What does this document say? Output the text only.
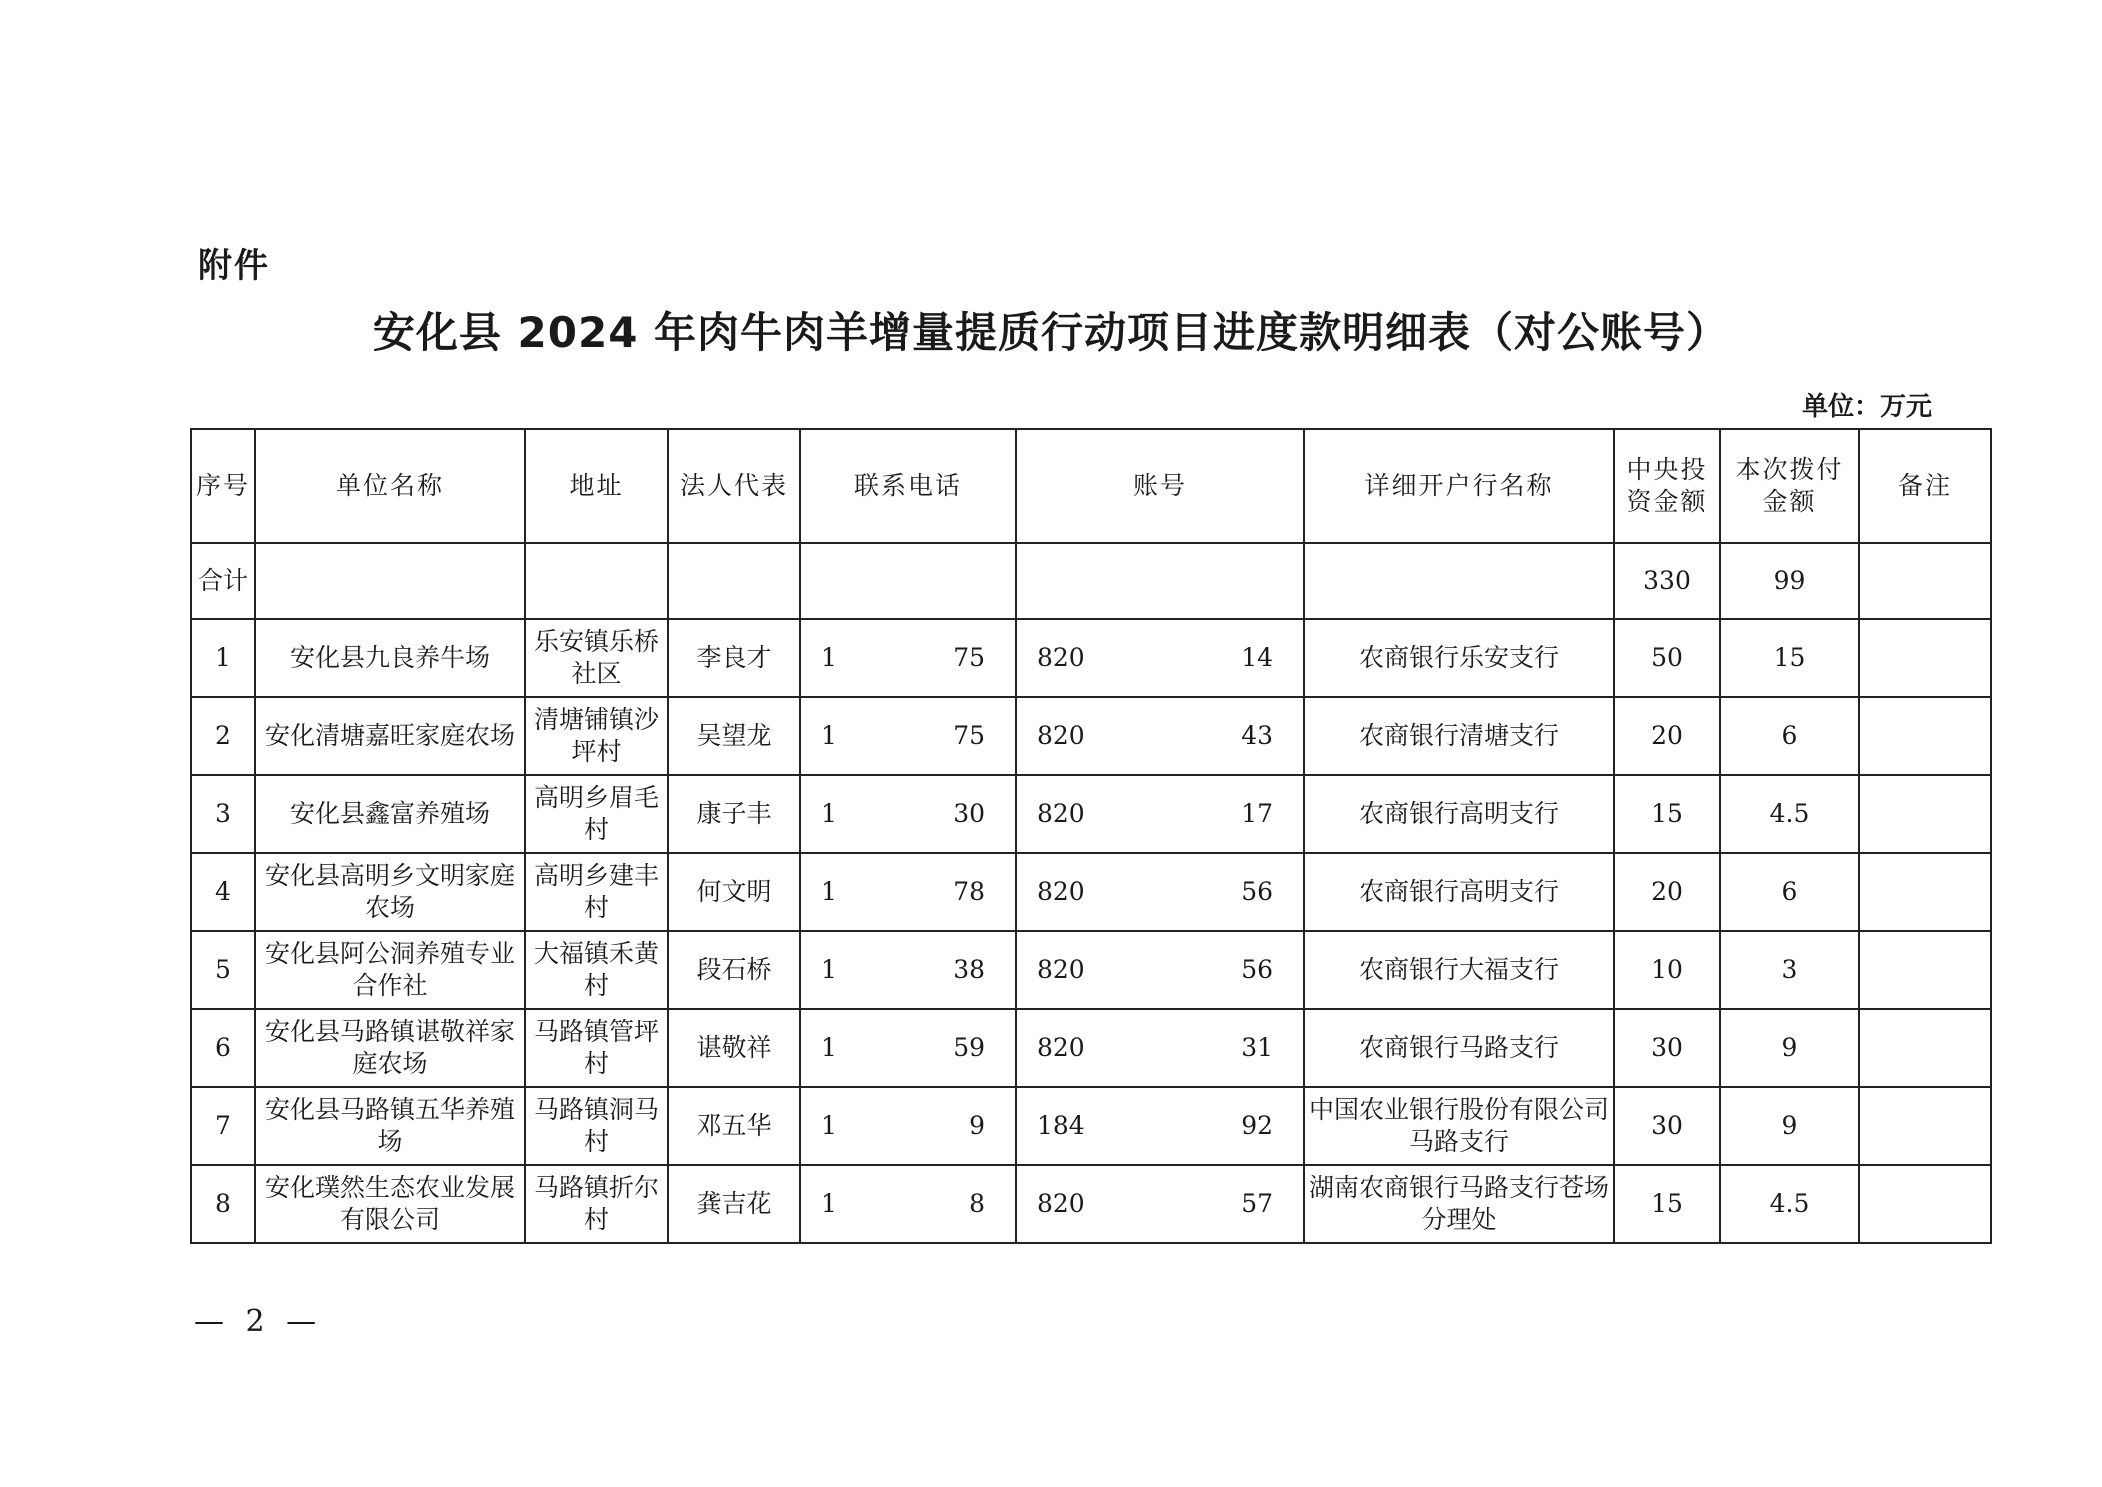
附件
安化县 2024 年肉牛肉羊增量提质行动项目进度款明细表（对公账号）
单位：万元
序号	单位名称	地址	法人代表	联系电话	账号	详细开户行名称	中央投资金额	本次拨付金额	备注
合计							330	99	
1	安化县九良养牛场	乐安镇乐桥社区	李良才	1 75	820 14	农商银行乐安支行	50	15	
2	安化清塘嘉旺家庭农场	清塘铺镇沙坪村	吴望龙	1 75	820 43	农商银行清塘支行	20	6	
3	安化县鑫富养殖场	高明乡眉毛村	康子丰	1 30	820 17	农商银行高明支行	15	4.5	
4	安化县高明乡文明家庭农场	高明乡建丰村	何文明	1 78	820 56	农商银行高明支行	20	6	
5	安化县阿公洞养殖专业合作社	大福镇禾黄村	段石桥	1 38	820 56	农商银行大福支行	10	3	
6	安化县马路镇谌敬祥家庭农场	马路镇管坪村	谌敬祥	1 59	820 31	农商银行马路支行	30	9	
7	安化县马路镇五华养殖场	马路镇洞马村	邓五华	1 9	184 92	中国农业银行股份有限公司马路支行	30	9	
8	安化璞然生态农业发展有限公司	马路镇折尔村	龚吉花	1 8	820 57	湖南农商银行马路支行苍场分理处	15	4.5	
— 2 —
